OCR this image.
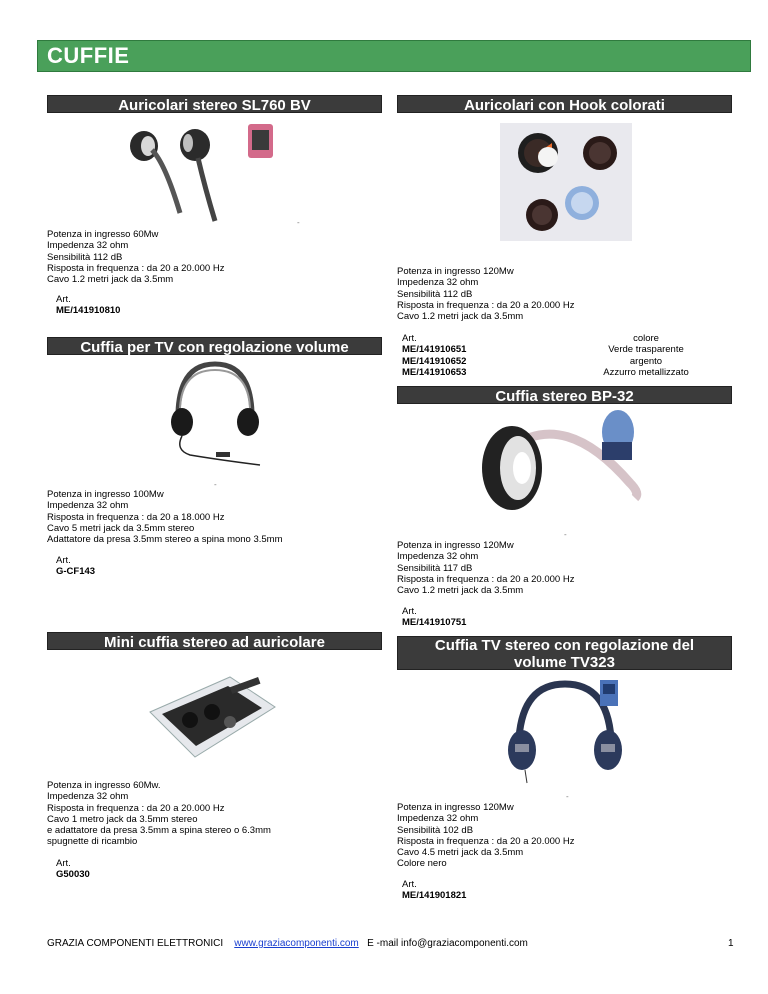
CUFFIE
Auricolari stereo SL760 BV
-
Potenza in ingresso 60Mw
Impedenza 32 ohm
Sensibilità 112 dB
Risposta in frequenza : da 20 a 20.000 Hz
Cavo 1.2 metri jack da 3.5mm
Art.
ME/141910810
Auricolari con Hook colorati
Potenza in ingresso 120Mw
Impedenza 32 ohm
Sensibilità 112 dB
Risposta in frequenza : da 20 a 20.000 Hz
Cavo 1.2 metri jack da 3.5mm
Art.
ME/141910651
ME/141910652
ME/141910653
colore
Verde trasparente
argento
Azzurro metallizzato
Cuffia per TV con regolazione volume
-
Potenza in ingresso 100Mw
Impedenza 32 ohm
Risposta in frequenza : da 20 a 18.000 Hz
Cavo 5 metri jack da 3.5mm stereo
Adattatore da presa 3.5mm stereo a spina mono 3.5mm
Art.
G-CF143
Cuffia stereo BP-32
-
Potenza in ingresso 120Mw
Impedenza 32 ohm
Sensibilità 117 dB
Risposta in frequenza : da 20 a 20.000 Hz
Cavo 1.2 metri jack da 3.5mm
Art.
ME/141910751
Mini cuffia stereo ad auricolare
Potenza in ingresso 60Mw.
Impedenza 32 ohm
Risposta in frequenza : da 20 a 20.000 Hz
Cavo 1 metro jack da 3.5mm stereo
e adattatore da presa 3.5mm a spina stereo o 6.3mm
spugnette di ricambio
Art.
G50030
Cuffia TV stereo con regolazione del
volume TV323
-
Potenza in ingresso 120Mw
Impedenza 32 ohm
Sensibilità 102 dB
Risposta in frequenza : da 20 a 20.000 Hz
Cavo 4.5 metri jack da 3.5mm
Colore nero
Art.
ME/141901821
GRAZIA COMPONENTI ELETTRONICI www.graziacomponenti.com E -mail info@graziacomponenti.com	1
